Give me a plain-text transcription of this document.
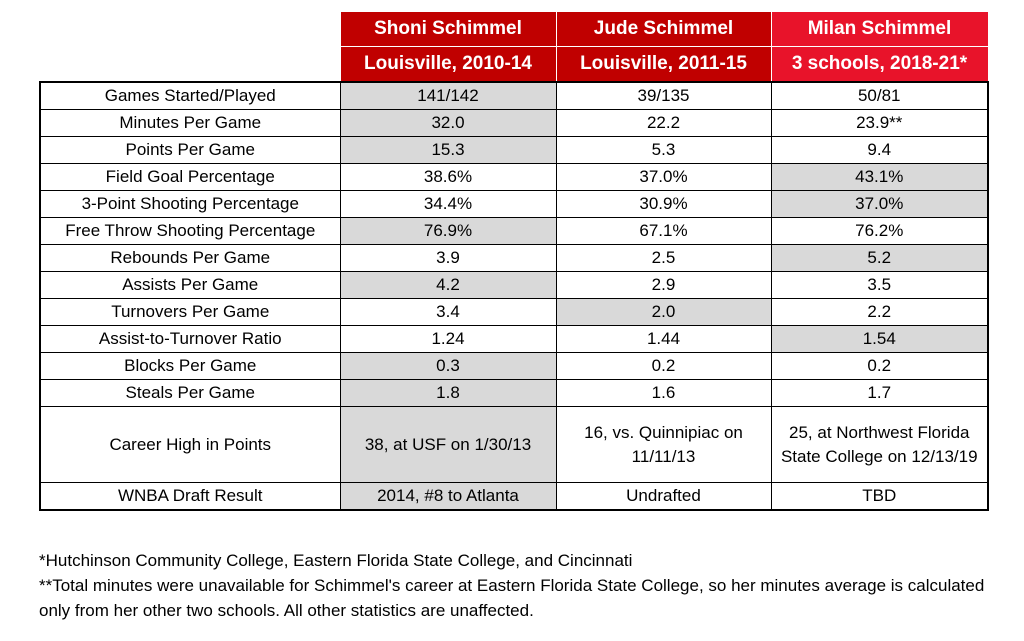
	Shoni Schimmel	Jude Schimmel	Milan Schimmel
	Louisville, 2010-14	Louisville, 2011-15	3 schools, 2018-21*
Games Started/Played	141/142	39/135	50/81
Minutes Per Game	32.0	22.2	23.9**
Points Per Game	15.3	5.3	9.4
Field Goal Percentage	38.6%	37.0%	43.1%
3-Point Shooting Percentage	34.4%	30.9%	37.0%
Free Throw Shooting Percentage	76.9%	67.1%	76.2%
Rebounds Per Game	3.9	2.5	5.2
Assists Per Game	4.2	2.9	3.5
Turnovers Per Game	3.4	2.0	2.2
Assist-to-Turnover Ratio	1.24	1.44	1.54
Blocks Per Game	0.3	0.2	0.2
Steals Per Game	1.8	1.6	1.7
Career High in Points	38, at USF on 1/30/13	16, vs. Quinnipiac on 11/11/13	25, at Northwest Florida State College on 12/13/19
WNBA Draft Result	2014, #8 to Atlanta	Undrafted	TBD

*Hutchinson Community College, Eastern Florida State College, and Cincinnati

**Total minutes were unavailable for Schimmel's career at Eastern Florida State College, so her minutes average is calculated only from her other two schools. All other statistics are unaffected.
